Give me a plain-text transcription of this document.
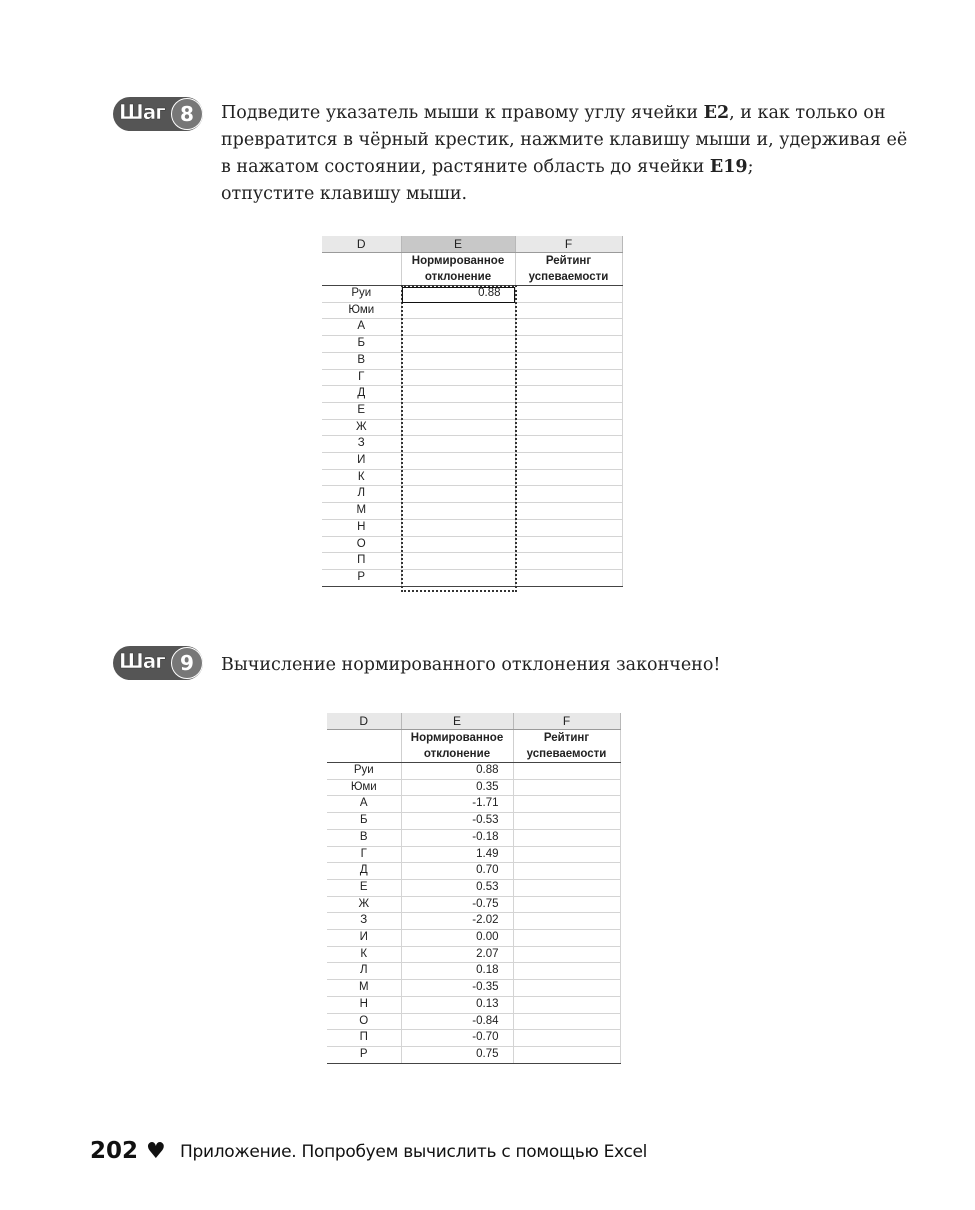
Шаг 8	Подведите указатель мыши к правому углу ячейки E2, и как только он
превратится в чёрный крестик, нажмите клавишу мыши и, удерживая её
в нажатом состоянии, растяните область до ячейки E19;
отпустите клавишу мыши.
D	E	F
	Нормированное	Рейтинг
	отклонение	успеваемости
Руи	0.88	
Юми		
А		
Б		
В		
Г		
Д		
Е		
Ж		
З		
И		
К		
Л		
М		
Н		
О		
П		
Р		
Шаг 9	Вычисление нормированного отклонения закончено!
D	E	F
	Нормированное	Рейтинг
	отклонение	успеваемости
Руи	0.88	
Юми	0.35	
А	-1.71	
Б	-0.53	
В	-0.18	
Г	1.49	
Д	0.70	
Е	0.53	
Ж	-0.75	
З	-2.02	
И	0.00	
К	2.07	
Л	0.18	
М	-0.35	
Н	0.13	
О	-0.84	
П	-0.70	
Р	0.75	
202 ♥ Приложение. Попробуем вычислить с помощью Excel
